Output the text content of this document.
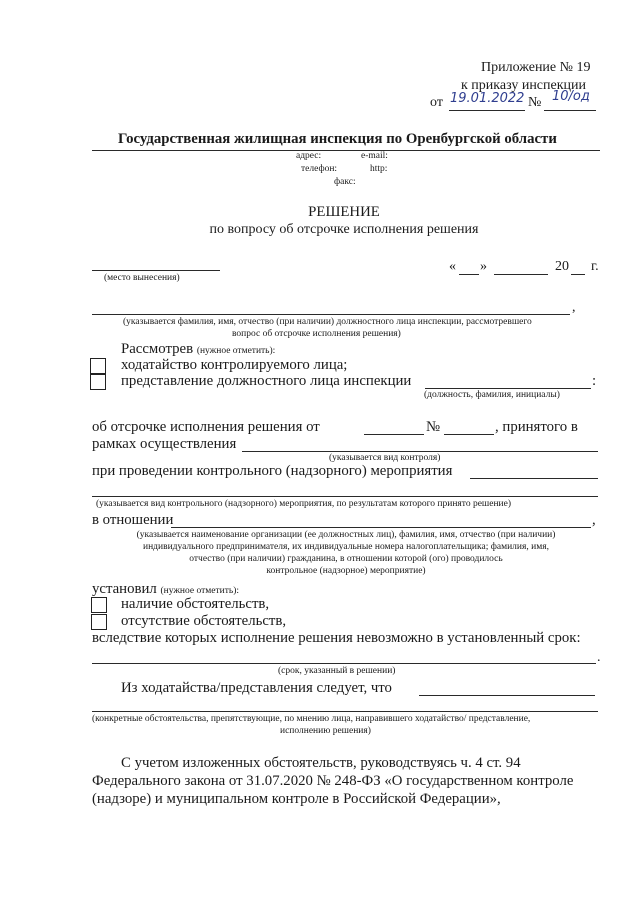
Приложение № 19
к приказу инспекции
от 19.01.2022 № 10/од
Государственная жилищная инспекция по Оренбургской области
адрес:	e-mail:
телефон:	http:
факс:
РЕШЕНИЕ
по вопросу об отсрочке исполнения решения
(место вынесения)
« »	20 г.
,
(указывается фамилия, имя, отчество (при наличии) должностного лица инспекции, рассмотревшего
вопрос об отсрочке исполнения решения)
Рассмотрев (нужное отметить):
ходатайство контролируемого лица;
представление должностного лица инспекции	:
(должность, фамилия, инициалы)
об отсрочке исполнения решения от	№	, принятого в
рамках осуществления
(указывается вид контроля)
при проведении контрольного (надзорного) мероприятия
(указывается вид контрольного (надзорного) мероприятия, по результатам которого принято решение)
в отношении	,
(указывается наименование организации (ее должностных лиц), фамилия, имя, отчество (при наличии)
индивидуального предпринимателя, их индивидуальные номера налогоплательщика; фамилия, имя,
отчество (при наличии) гражданина, в отношении которой (ого) проводилось
контрольное (надзорное) мероприятие)
установил (нужное отметить):
наличие обстоятельств,
отсутствие обстоятельств,
вследствие которых исполнение решения невозможно в установленный срок:
.
(срок, указанный в решении)
Из ходатайства/представления следует, что
(конкретные обстоятельства, препятствующие, по мнению лица, направившего ходатайство/ представление,
исполнению решения)
С учетом изложенных обстоятельств, руководствуясь ч. 4 ст. 94
Федерального закона от 31.07.2020 № 248-ФЗ «О государственном контроле
(надзоре) и муниципальном контроле в Российской Федерации»,
